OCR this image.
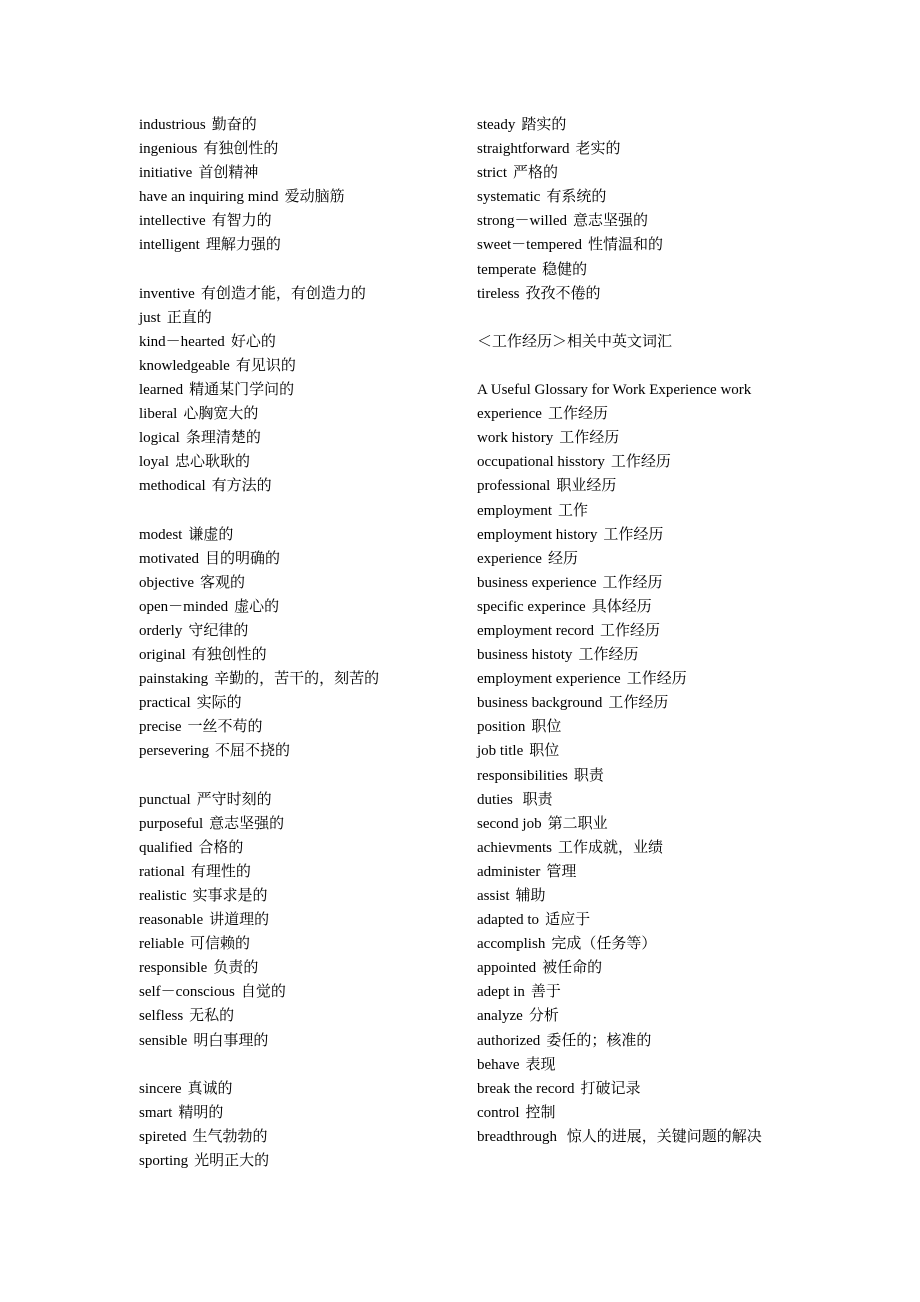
industrious 勤奋的
ingenious 有独创性的
initiative 首创精神
have an inquiring mind 爱动脑筋
intellective 有智力的
intelligent 理解力强的
inventive 有创造才能，有创造力的
just 正直的
kind－hearted 好心的
knowledgeable 有见识的
learned 精通某门学问的
liberal 心胸宽大的
logical 条理清楚的
loyal 忠心耿耿的
methodical 有方法的
modest 谦虚的
motivated 目的明确的
objective 客观的
open－minded 虚心的
orderly 守纪律的
original 有独创性的
painstaking 辛勤的，苦干的，刻苦的
practical 实际的
precise 一丝不苟的
persevering 不屈不挠的
punctual 严守时刻的
purposeful 意志坚强的
qualified 合格的
rational 有理性的
realistic 实事求是的
reasonable 讲道理的
reliable 可信赖的
responsible 负责的
self－conscious 自觉的
selfless 无私的
sensible 明白事理的
sincere 真诚的
smart 精明的
spireted 生气勃勃的
sporting 光明正大的
steady 踏实的
straightforward 老实的
strict 严格的
systematic 有系统的
strong－willed 意志坚强的
sweet－tempered 性情温和的
temperate 稳健的
tireless 孜孜不倦的
＜工作经历＞相关中英文词汇
A Useful Glossary for Work Experience work
experience 工作经历
work history 工作经历
occupational hisstory 工作经历
professional 职业经历
employment 工作
employment history 工作经历
experience 经历
business experience 工作经历
specific experince 具体经历
employment record 工作经历
business histoty 工作经历
employment experience 工作经历
business background 工作经历
position 职位
job title 职位
responsibilities 职责
duties 职责
second job 第二职业
achievments 工作成就，业绩
administer 管理
assist 辅助
adapted to 适应于
accomplish 完成（任务等）
appointed 被任命的
adept in 善于
analyze 分析
authorized 委任的；核准的
behave 表现
break the record 打破记录
control 控制
breadthrough 惊人的进展，关键问题的解决
